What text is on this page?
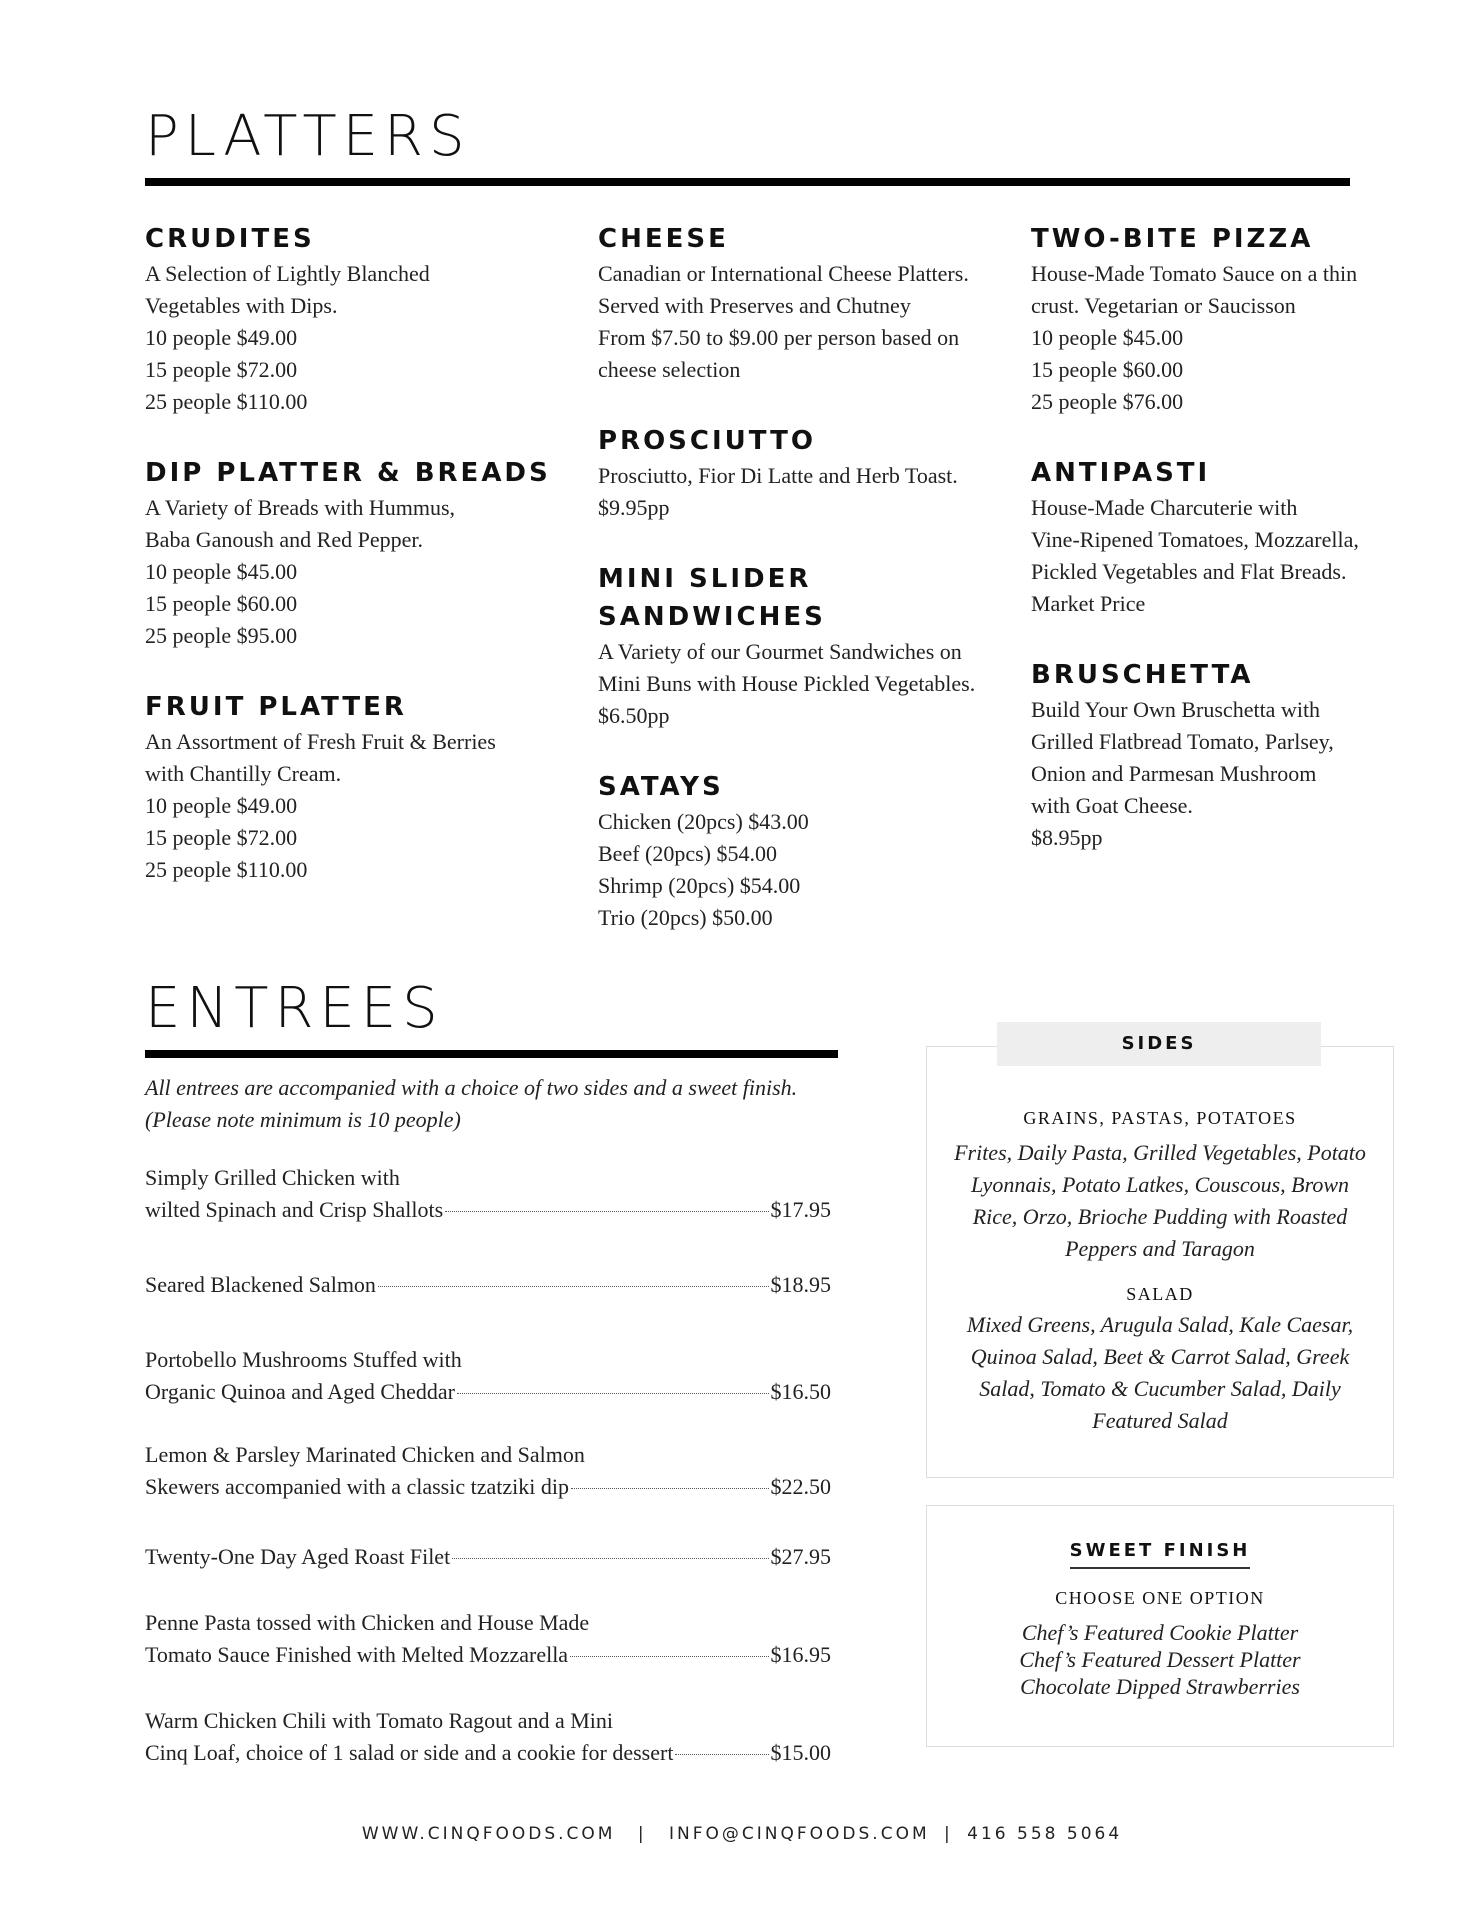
PLATTERS
CRUDITES
A Selection of Lightly Blanched
Vegetables with Dips.
10 people $49.00
15 people $72.00
25 people $110.00
DIP PLATTER & BREADS
A Variety of Breads with Hummus,
Baba Ganoush and Red Pepper.
10 people $45.00
15 people $60.00
25 people $95.00
FRUIT PLATTER
An Assortment of Fresh Fruit & Berries
with Chantilly Cream.
10 people $49.00
15 people $72.00
25 people $110.00
CHEESE
Canadian or International Cheese Platters.
Served with Preserves and Chutney
From $7.50 to $9.00 per person based on
cheese selection
PROSCIUTTO
Prosciutto, Fior Di Latte and Herb Toast.
$9.95pp
MINI SLIDER
SANDWICHES
A Variety of our Gourmet Sandwiches on
Mini Buns with House Pickled Vegetables.
$6.50pp
SATAYS
Chicken (20pcs) $43.00
Beef (20pcs) $54.00
Shrimp (20pcs) $54.00
Trio (20pcs) $50.00
TWO-BITE PIZZA
House-Made Tomato Sauce on a thin
crust. Vegetarian or Saucisson
10 people $45.00
15 people $60.00
25 people $76.00
ANTIPASTI
House-Made Charcuterie with
Vine-Ripened Tomatoes, Mozzarella,
Pickled Vegetables and Flat Breads.
Market Price
BRUSCHETTA
Build Your Own Bruschetta with
Grilled Flatbread Tomato, Parlsey,
Onion and Parmesan Mushroom
with Goat Cheese.
$8.95pp
ENTREES
All entrees are accompanied with a choice of two sides and a sweet finish.
(Please note minimum is 10 people)
Simply Grilled Chicken with
wilted Spinach and Crisp Shallots	$17.95
Seared Blackened Salmon	$18.95
Portobello Mushrooms Stuffed with
Organic Quinoa and Aged Cheddar	$16.50
Lemon & Parsley Marinated Chicken and Salmon
Skewers accompanied with a classic tzatziki dip	$22.50
Twenty-One Day Aged Roast Filet	$27.95
Penne Pasta tossed with Chicken and House Made
Tomato Sauce Finished with Melted Mozzarella	$16.95
Warm Chicken Chili with Tomato Ragout and a Mini
Cinq Loaf, choice of 1 salad or side and a cookie for dessert	$15.00
GRAINS, PASTAS, POTATOES
Frites, Daily Pasta, Grilled Vegetables, Potato
Lyonnais, Potato Latkes, Couscous, Brown
Rice, Orzo, Brioche Pudding with Roasted
Peppers and Taragon
SALAD
Mixed Greens, Arugula Salad, Kale Caesar,
Quinoa Salad, Beet & Carrot Salad, Greek
Salad, Tomato & Cucumber Salad, Daily
Featured Salad
SIDES
SWEET FINISH
CHOOSE ONE OPTION
Chef’s Featured Cookie Platter
Chef’s Featured Dessert Platter
Chocolate Dipped Strawberries
WWW.CINQFOODS.COM | INFO@CINQFOODS.COM | 416 558 5064
